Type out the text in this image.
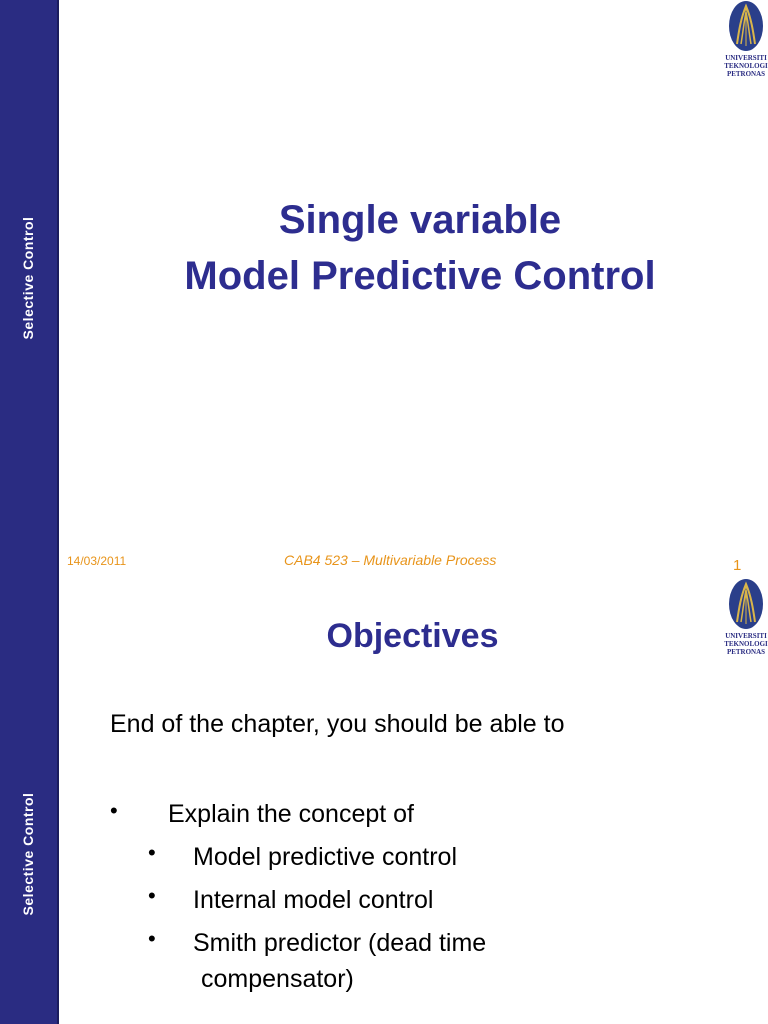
Selective Control
UNIVERSITI
TEKNOLOGI
PETRONAS
Single variable
Model Predictive Control
14/03/2011	CAB4 523 – Multivariable Process	1
Selective Control
UNIVERSITI
TEKNOLOGI
PETRONAS
Objectives
End of the chapter, you should be able to
• Explain the concept of
• Model predictive control
• Internal model control
• Smith predictor (dead time
compensator)
